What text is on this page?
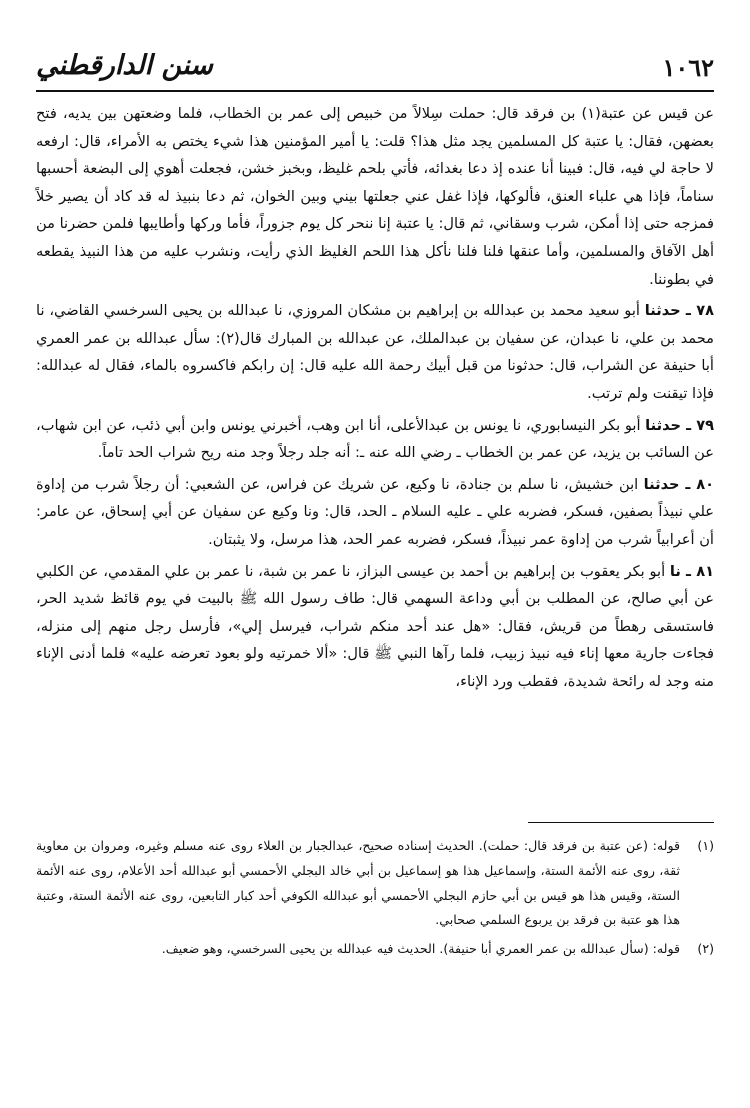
سنن الدارقطني	١٠٦٢

عن قيس عن عتبة(١) بن فرقد قال: حملت سِلالاً من خبيص إلى عمر بن الخطاب، فلما وضعتهن بين يديه، فتح بعضهن، فقال: يا عتبة كل المسلمين يجد مثل هذا؟ قلت: يا أمير المؤمنين هذا شيء يختص به الأمراء، قال: ارفعه لا حاجة لي فيه، قال: فبينا أنا عنده إذ دعا بغدائه، فأتي بلحم غليظ، وبخبز خشن، فجعلت أهوي إلى البضعة أحسبها سناماً، فإذا هي علباء العنق، فألوكها، فإذا غفل عني جعلتها بيني وبين الخوان، ثم دعا بنبيذ له قد كاد أن يصير خلاً فمزجه حتى إذا أمكن، شرب وسقاني، ثم قال: يا عتبة إنا ننحر كل يوم جزوراً، فأما وركها وأطايبها فلمن حضرنا من أهل الآفاق والمسلمين، وأما عنقها فلنا فلنا نأكل هذا اللحم الغليظ الذي رأيت، ونشرب عليه من هذا النبيذ يقطعه في بطوننا.

٧٨ ـ حدثنا أبو سعيد محمد بن عبدالله بن إبراهيم بن مشكان المروزي، نا عبدالله بن يحيى السرخسي القاضي، نا محمد بن علي، نا عبدان، عن سفيان بن عبدالملك، عن عبدالله بن المبارك قال(٢): سأل عبدالله بن عمر العمري أبا حنيفة عن الشراب، قال: حدثونا من قبل أبيك رحمة الله عليه قال: إن رابكم فاكسروه بالماء، فقال له عبدالله: فإذا تيقنت ولم ترتب.

٧٩ ـ حدثنا أبو بكر النيسابوري، نا يونس بن عبدالأعلى، أنا ابن وهب، أخبرني يونس وابن أبي ذئب، عن ابن شهاب، عن السائب بن يزيد، عن عمر بن الخطاب ـ رضي الله عنه ـ: أنه جلد رجلاً وجد منه ريح شراب الحد تاماً.

٨٠ ـ حدثنا ابن خشيش، نا سلم بن جنادة، نا وكيع، عن شريك عن فراس، عن الشعبي: أن رجلاً شرب من إداوة علي نبيذاً بصفين، فسكر، فضربه علي ـ عليه السلام ـ الحد، قال: ونا وكيع عن سفيان عن أبي إسحاق، عن عامر: أن أعرابياً شرب من إداوة عمر نبيذاً، فسكر، فضربه عمر الحد، هذا مرسل، ولا يثبتان.

٨١ ـ نا أبو بكر يعقوب بن إبراهيم بن أحمد بن عيسى البزاز، نا عمر بن شبة، نا عمر بن علي المقدمي، عن الكلبي عن أبي صالح، عن المطلب بن أبي وداعة السهمي قال: طاف رسول الله ﷺ بالبيت في يوم قائظ شديد الحر، فاستسقى رهطاً من قريش، فقال: «هل عند أحد منكم شراب، فيرسل إلي»، فأرسل رجل منهم إلى منزله، فجاءت جارية معها إناء فيه نبيذ زبيب، فلما رآها النبي ﷺ قال: «ألا خمرتيه ولو بعود تعرضه عليه» فلما أدنى الإناء منه وجد له رائحة شديدة، فقطب ورد الإناء،

(١)
قوله: (عن عتبة بن فرقد قال: حملت). الحديث إسناده صحيح، عبدالجبار بن العلاء روى عنه مسلم وغيره، ومروان بن معاوية ثقة، روى عنه الأئمة الستة، وإسماعيل هذا هو إسماعيل بن أبي خالد البجلي الأحمسي أبو عبدالله أحد الأعلام، روى عنه الأئمة الستة، وقيس هذا هو قيس بن أبي حازم البجلي الأحمسي أبو عبدالله الكوفي أحد كبار التابعين، روى عنه الأئمة الستة، وعتبة هذا هو عتبة بن فرقد بن يربوع السلمي صحابي.
(٢)
قوله: (سأل عبدالله بن عمر العمري أبا حنيفة). الحديث فيه عبدالله بن يحيى السرخسي، وهو ضعيف.
